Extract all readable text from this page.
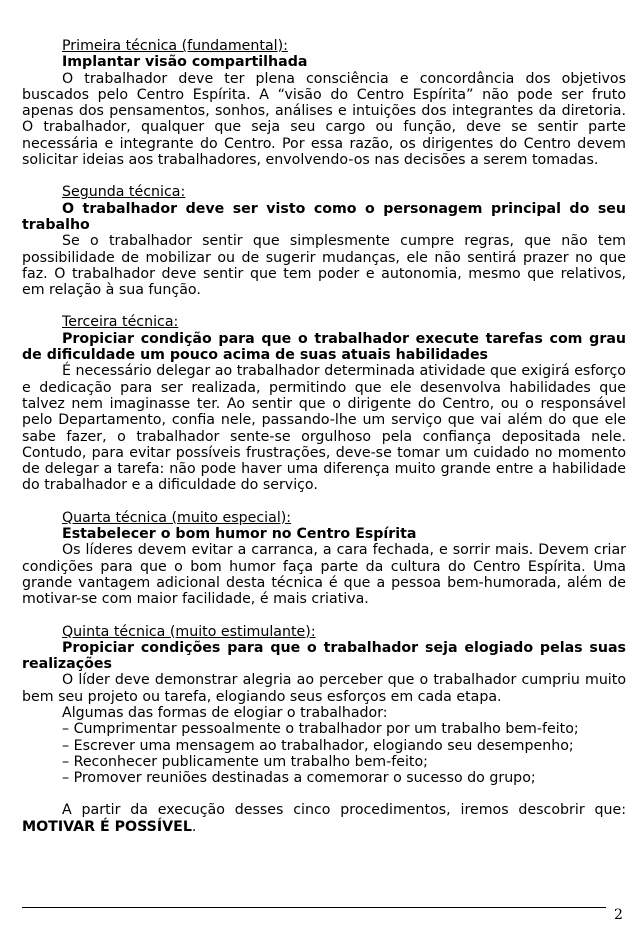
Primeira técnica (fundamental):
Implantar visão compartilhada

O trabalhador deve ter plena consciência e concordância dos objetivos buscados pelo Centro Espírita. A “visão do Centro Espírita” não pode ser fruto apenas dos pensamentos, sonhos, análises e intuições dos integrantes da diretoria. O trabalhador, qualquer que seja seu cargo ou função, deve se sentir parte necessária e integrante do Centro. Por essa razão, os dirigentes do Centro devem solicitar ideias aos trabalhadores, envolvendo-os nas decisões a serem tomadas.

Segunda técnica:
O trabalhador deve ser visto como o personagem principal do seu trabalho

Se o trabalhador sentir que simplesmente cumpre regras, que não tem possibilidade de mobilizar ou de sugerir mudanças, ele não sentirá prazer no que faz. O trabalhador deve sentir que tem poder e autonomia, mesmo que relativos, em relação à sua função.

Terceira técnica:
Propiciar condição para que o trabalhador execute tarefas com grau de dificuldade um pouco acima de suas atuais habilidades

É necessário delegar ao trabalhador determinada atividade que exigirá esforço e dedicação para ser realizada, permitindo que ele desenvolva habilidades que talvez nem imaginasse ter. Ao sentir que o dirigente do Centro, ou o responsável pelo Departamento, confia nele, passando-lhe um serviço que vai além do que ele sabe fazer, o trabalhador sente-se orgulhoso pela confiança depositada nele. Contudo, para evitar possíveis frustrações, deve-se tomar um cuidado no momento de delegar a tarefa: não pode haver uma diferença muito grande entre a habilidade do trabalhador e a dificuldade do serviço.

Quarta técnica (muito especial):
Estabelecer o bom humor no Centro Espírita

Os líderes devem evitar a carranca, a cara fechada, e sorrir mais. Devem criar condições para que o bom humor faça parte da cultura do Centro Espírita. Uma grande vantagem adicional desta técnica é que a pessoa bem-humorada, além de motivar-se com maior facilidade, é mais criativa.

Quinta técnica (muito estimulante):
Propiciar condições para que o trabalhador seja elogiado pelas suas realizações

O líder deve demonstrar alegria ao perceber que o trabalhador cumpriu muito bem seu projeto ou tarefa, elogiando seus esforços em cada etapa.

Algumas das formas de elogiar o trabalhador:
– Cumprimentar pessoalmente o trabalhador por um trabalho bem-feito;
– Escrever uma mensagem ao trabalhador, elogiando seu desempenho;
– Reconhecer publicamente um trabalho bem-feito;
– Promover reuniões destinadas a comemorar o sucesso do grupo;

A partir da execução desses cinco procedimentos, iremos descobrir que: MOTIVAR É POSSÍVEL.

2
